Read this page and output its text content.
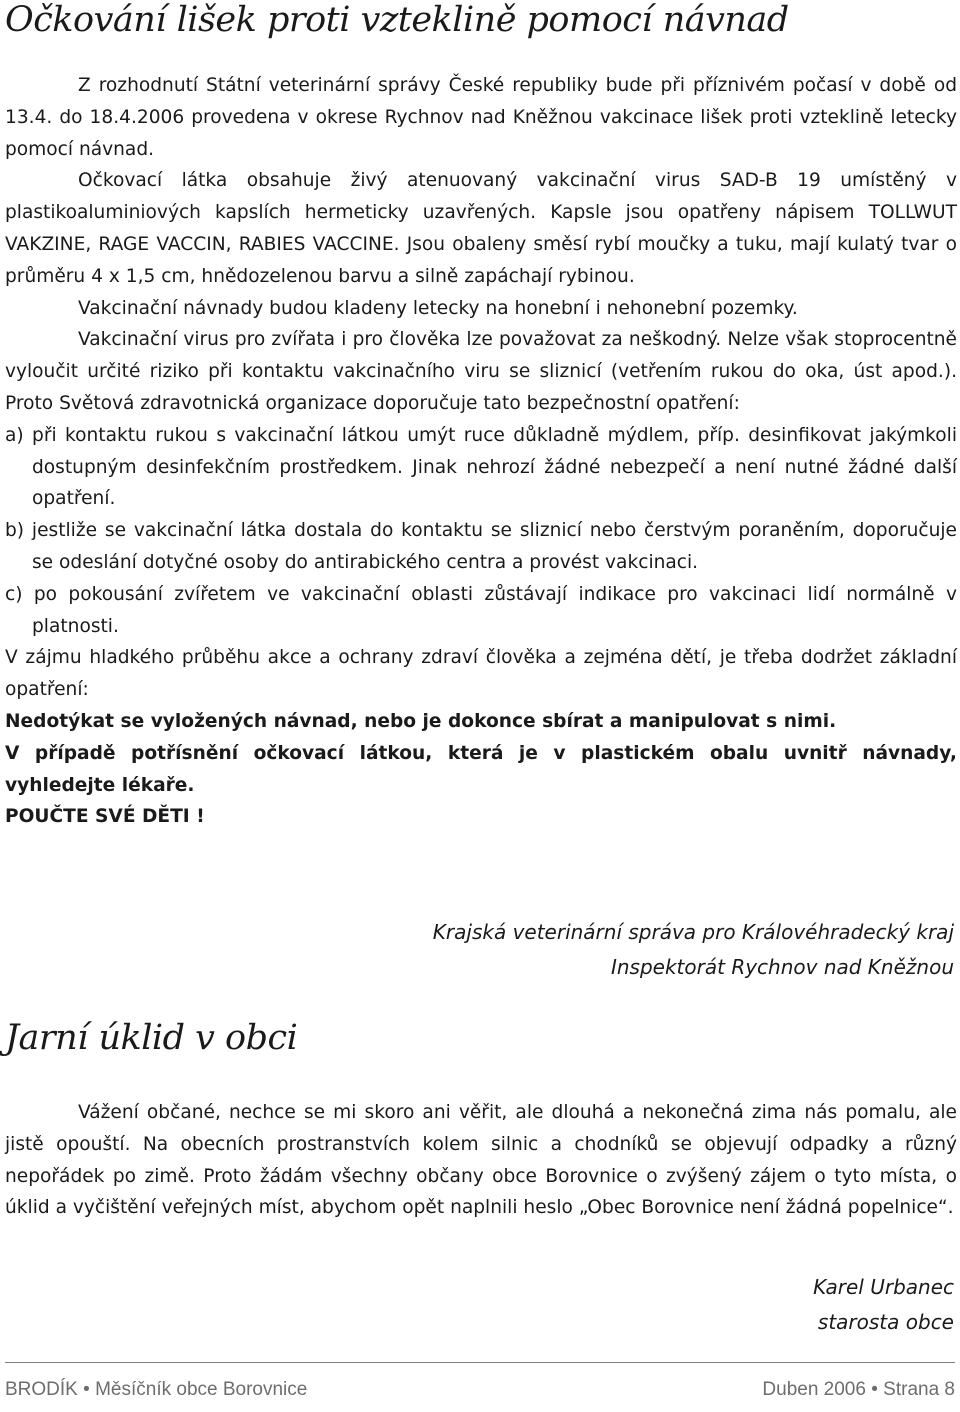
Očkování lišek proti vzteklině pomocí návnad

Z rozhodnutí Státní veterinární správy České republiky bude při příznivém počasí v době od 13.4. do 18.4.2006 provedena v okrese Rychnov nad Kněžnou vakcinace lišek proti vzteklině letecky pomocí návnad.

Očkovací látka obsahuje živý atenuovaný vakcinační virus SAD-B 19 umístěný v plastikoaluminiových kapslích hermeticky uzavřených. Kapsle jsou opatřeny nápisem TOLLWUT VAKZINE, RAGE VACCIN, RABIES VACCINE. Jsou obaleny směsí rybí moučky a tuku, mají kulatý tvar o průměru 4 x 1,5 cm, hnědozelenou barvu a silně zapáchají rybinou.

Vakcinační návnady budou kladeny letecky na honební i nehonební pozemky.

Vakcinační virus pro zvířata i pro člověka lze považovat za neškodný. Nelze však stoprocentně vyloučit určité riziko při kontaktu vakcinačního viru se sliznicí (vetřením rukou do oka, úst apod.). Proto Světová zdravotnická organizace doporučuje tato bezpečnostní opatření:

a) při kontaktu rukou s vakcinační látkou umýt ruce důkladně mýdlem, příp. desinfikovat jakýmkoli dostupným desinfekčním prostředkem. Jinak nehrozí žádné nebezpečí a není nutné žádné další opatření.

b) jestliže se vakcinační látka dostala do kontaktu se sliznicí nebo čerstvým poraněním, doporučuje se odeslání dotyčné osoby do antirabického centra a provést vakcinaci.

c) po pokousání zvířetem ve vakcinační oblasti zůstávají indikace pro vakcinaci lidí normálně v platnosti.

V zájmu hladkého průběhu akce a ochrany zdraví člověka a zejména dětí, je třeba dodržet základní opatření:

Nedotýkat se vyložených návnad, nebo je dokonce sbírat a manipulovat s nimi.

V případě potřísnění očkovací látkou, která je v plastickém obalu uvnitř návnady, vyhledejte lékaře.

POUČTE SVÉ DĚTI !

Krajská veterinární správa pro Královéhradecký kraj
Inspektorát Rychnov nad Kněžnou
Jarní úklid v obci

Vážení občané, nechce se mi skoro ani věřit, ale dlouhá a nekonečná zima nás pomalu, ale jistě opouští. Na obecních prostranstvích kolem silnic a chodníků se objevují odpadky a různý nepořádek po zimě. Proto žádám všechny občany obce Borovnice o zvýšený zájem o tyto místa, o úklid a vyčištění veřejných míst, abychom opět naplnili heslo „Obec Borovnice není žádná popelnice“.

Karel Urbanec
starosta obce
BRODÍK • Měsíčník obce Borovnice	Duben 2006 • Strana 8
